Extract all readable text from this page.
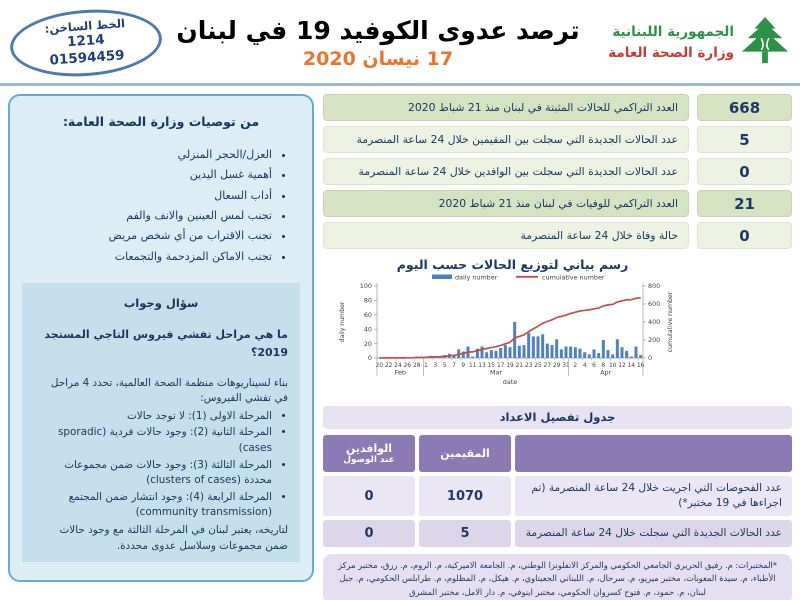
الجمهورية اللبنانية
وزارة الصحة العامة
ترصد عدوى الكوفيد 19 في لبنان
17 نيسان 2020
الخط الساخن:
1214
01594459
من توصيات وزارة الصحة العامة:
• العزل/الحجر المنزلي
• أهمية غسل اليدين
• أداب السعال
• تجنب لمس العينين والانف والفم
• تجنب الاقتراب من أي شخص مريض
• تجنب الاماكن المزدحمة والتجمعات
سؤال وجواب
ما هي مراحل تفشي فيروس التاجي المستجد 2019؟
بناء لسيناريوهات منظمة الصحة العالمية، تحدد 4 مراحل في تفشي الفيروس:
• المرحلة الاولى (1): لا توجد حالات
• المرحلة الثانية (2): وجود حالات فردية (sporadic cases)
• المرحلة الثالثة (3): وجود حالات ضمن مجموعات محددة (clusters of cases)
• المرحلة الرابعة (4): وجود انتشار ضمن المجتمع (community transmission)
لتاريخه، يعتبر لبنان في المرحلة الثالثة مع وجود حالات ضمن مجموعات وسلاسل عدوى محددة.
668
العدد التراكمي للحالات المثبتة في لبنان منذ 21 شباط 2020
5
عدد الحالات الجديدة التي سجلت بين المقيمين خلال 24 ساعة المنصرمة
0
عدد الحالات الجديدة التي سجلت بين الوافدين خلال 24 ساعة المنصرمة
21
العدد التراكمي للوفيات في لبنان منذ 21 شباط 2020
0
حالة وفاة خلال 24 ساعة المنصرمة
رسم بياني لتوزيع الحالات حسب اليوم
0
20
40
60
80
100
0
200
400
600
800
20 22 24 26 28 1 3 5 7 9 11 13 15 17 19 21 23 25 27 29 31 2 4 6 8 10 12 14 16
Feb	Mar	Apr
date
daily number	cumulative number
daily number	cumulative number
جدول تفصيل الاعداد
المقيمين
الوافدين
عند الوصول
عدد الفحوصات التي اجريت خلال 24 ساعة المنصرمة (تم اجراءها في 19 مختبر*)
1070
0
عدد الحالات الجديدة التي سجلت خلال 24 ساعة المنصرمة
5
0
*المختبرات: م. رفيق الحريري الجامعي الحكومي والمركز الانفلونزا الوطني، م. الجامعة الاميركية، م. الروم، م. رزق، مختبر مركز الأطباء، م. سيدة المعونات، مختبر ميريو، م. سرحال، م. اللبناني الجعيتاوي، م. هيكل، م. المظلوم، م. طرابلس الحكومي، م. جبل لبنان، م. حمود، م. فتوح كسروان الحكومي، مختبر اينوفي، م. دار الامل، مختبر المشرق
